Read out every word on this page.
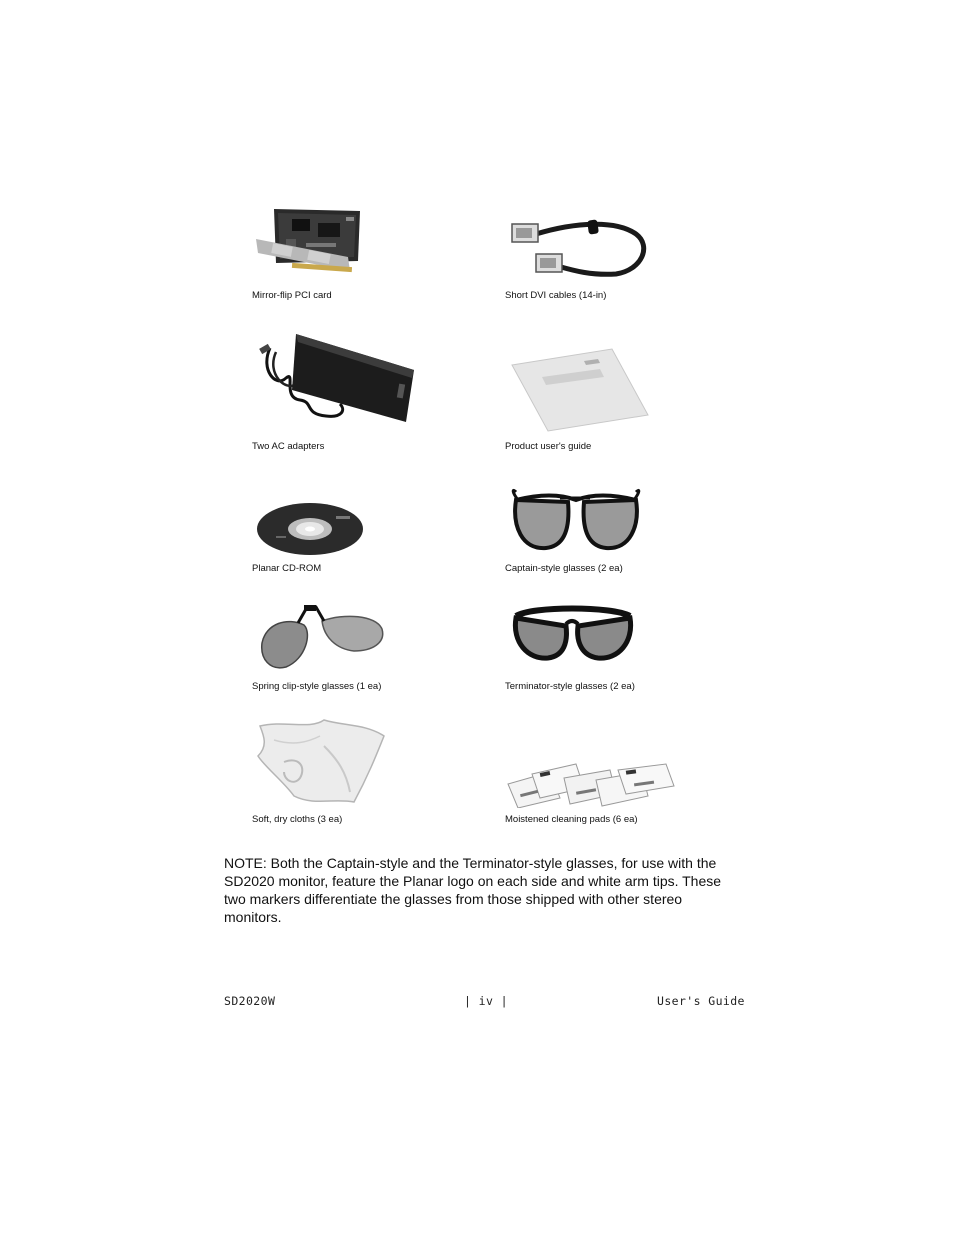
Mirror-flip PCI card	Short DVI cables (14-in)
Two AC adapters	Product user's guide
Planar CD-ROM	Captain-style glasses (2 ea)
Spring clip-style glasses (1 ea)	Terminator-style glasses (2 ea)
Soft, dry cloths (3 ea)	Moistened cleaning pads (6 ea)
NOTE: Both the Captain-style and the Terminator-style glasses, for use with the SD2020 monitor, feature the Planar logo on each side and white arm tips. These two markers differentiate the glasses from those shipped with other stereo monitors.
SD2020W	| iv |	User's Guide
